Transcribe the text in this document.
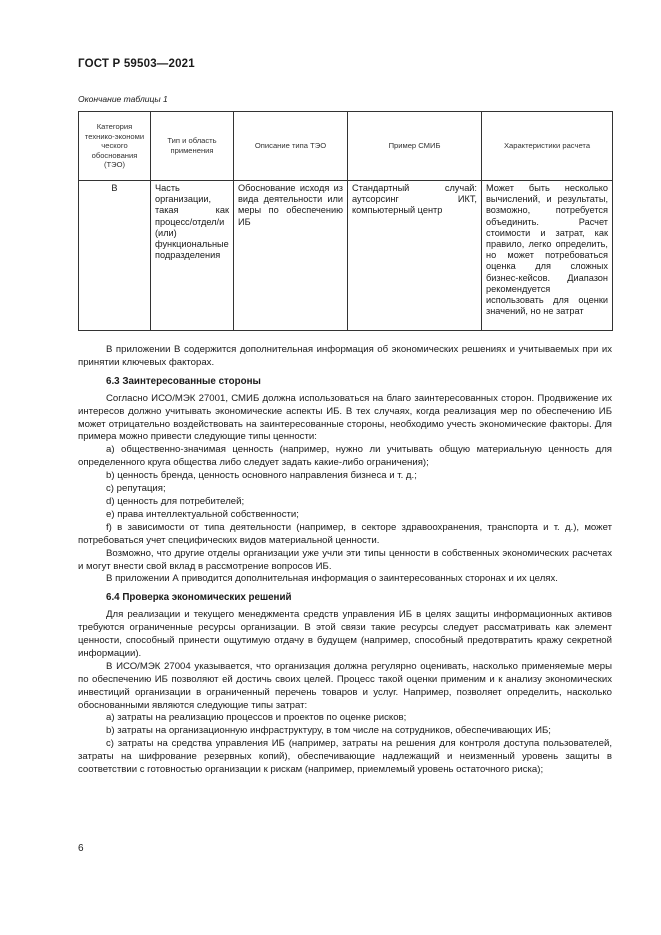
ГОСТ Р 59503—2021
Окончание таблицы 1
Категория технико-экономи ческого обоснования (ТЭО)	Тип и область применения	Описание типа ТЭО	Пример СМИБ	Характеристики расчета
В	Часть организации, такая как процесс/отдел/и (или) функциональные подразделения	Обоснование исходя из вида деятельности или меры по обеспечению ИБ	Стандартный случай: аутсорсинг ИКТ, компьютерный центр	Может быть несколько вычислений, и результаты, возможно, потребуется объединить. Расчет стоимости и затрат, как правило, легко определить, но может потребоваться оценка для сложных бизнес-кейсов. Диапазон рекомендуется использовать для оценки значений, но не затрат

В приложении В содержится дополнительная информация об экономических решениях и учитываемых при их принятии ключевых факторах.

6.3 Заинтересованные стороны

Согласно ИСО/МЭК 27001, СМИБ должна использоваться на благо заинтересованных сторон. Продвижение их интересов должно учитывать экономические аспекты ИБ. В тех случаях, когда реализация мер по обеспечению ИБ может отрицательно воздействовать на заинтересованные стороны, необходимо учесть экономические факторы. Для примера можно привести следующие типы ценности:

а) общественно-значимая ценность (например, нужно ли учитывать общую материальную ценность для определенного круга общества либо следует задать какие-либо ограничения);

b) ценность бренда, ценность основного направления бизнеса и т. д.;

c) репутация;

d) ценность для потребителей;

e) права интеллектуальной собственности;

f) в зависимости от типа деятельности (например, в секторе здравоохранения, транспорта и т. д.), может потребоваться учет специфических видов материальной ценности.

Возможно, что другие отделы организации уже учли эти типы ценности в собственных экономических расчетах и могут внести свой вклад в рассмотрение вопросов ИБ.

В приложении А приводится дополнительная информация о заинтересованных сторонах и их целях.

6.4 Проверка экономических решений

Для реализации и текущего менеджмента средств управления ИБ в целях защиты информационных активов требуются ограниченные ресурсы организации. В этой связи такие ресурсы следует рассматривать как элемент ценности, способный принести ощутимую отдачу в будущем (например, способный предотвратить кражу секретной информации).

В ИСО/МЭК 27004 указывается, что организация должна регулярно оценивать, насколько применяемые меры по обеспечению ИБ позволяют ей достичь своих целей. Процесс такой оценки применим и к анализу экономических инвестиций организации в ограниченный перечень товаров и услуг. Например, позволяет определить, насколько обоснованными являются следующие типы затрат:

а) затраты на реализацию процессов и проектов по оценке рисков;

b) затраты на организационную инфраструктуру, в том числе на сотрудников, обеспечивающих ИБ;

c) затраты на средства управления ИБ (например, затраты на решения для контроля доступа пользователей, затраты на шифрование резервных копий), обеспечивающие надлежащий и неизменный уровень защиты в соответствии с готовностью организации к рискам (например, приемлемый уровень остаточного риска);

6
